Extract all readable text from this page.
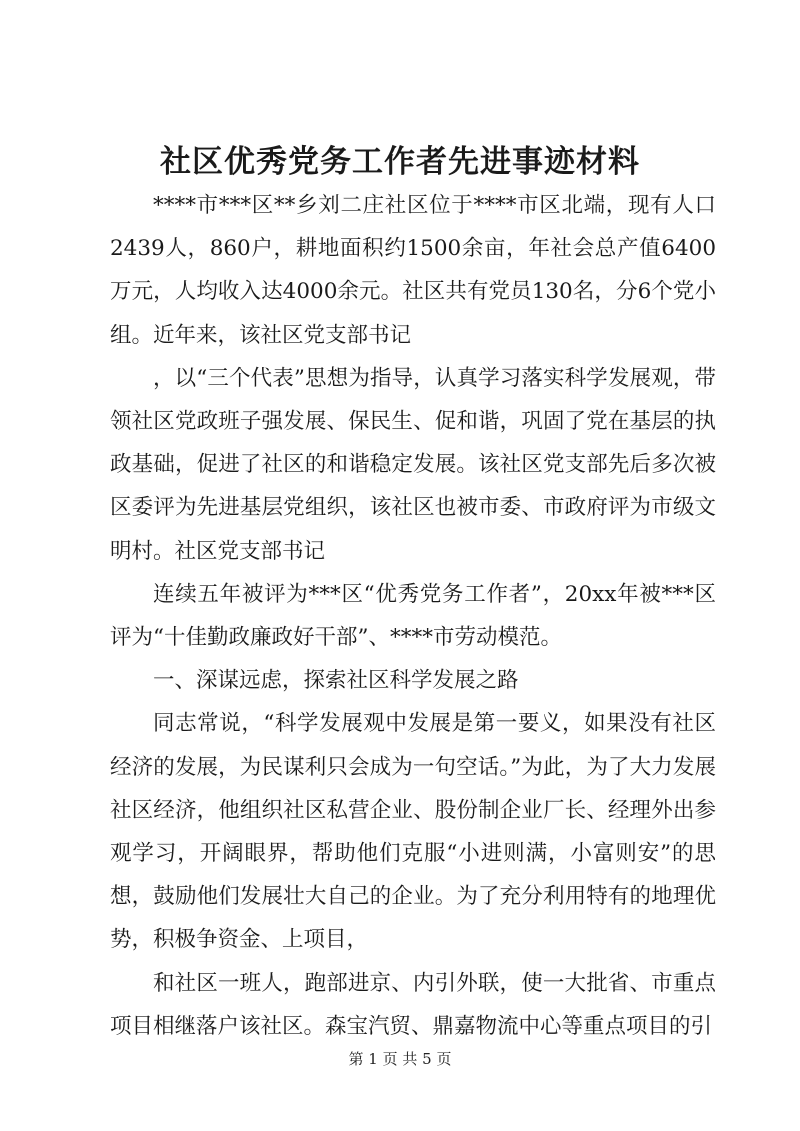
社区优秀党务工作者先进事迹材料

****市***区**乡刘二庄社区位于****市区北端，现有人口2439人，860户，耕地面积约1500余亩，年社会总产值6400万元，人均收入达4000余元。社区共有党员130名，分6个党小组。近年来，该社区党支部书记

，以“三个代表”思想为指导，认真学习落实科学发展观，带领社区党政班子强发展、保民生、促和谐，巩固了党在基层的执政基础，促进了社区的和谐稳定发展。该社区党支部先后多次被区委评为先进基层党组织，该社区也被市委、市政府评为市级文明村。社区党支部书记

连续五年被评为***区“优秀党务工作者”，20xx年被***区评为“十佳勤政廉政好干部”、****市劳动模范。

一、深谋远虑，探索社区科学发展之路

同志常说，“科学发展观中发展是第一要义，如果没有社区经济的发展，为民谋利只会成为一句空话。”为此，为了大力发展社区经济，他组织社区私营企业、股份制企业厂长、经理外出参观学习，开阔眼界，帮助他们克服“小进则满，小富则安”的思想，鼓励他们发展壮大自己的企业。为了充分利用特有的地理优势，积极争资金、上项目，

和社区一班人，跑部进京、内引外联，使一大批省、市重点项目相继落户该社区。森宝汽贸、鼎嘉物流中心等重点项目的引

第 1 页 共 5 页
